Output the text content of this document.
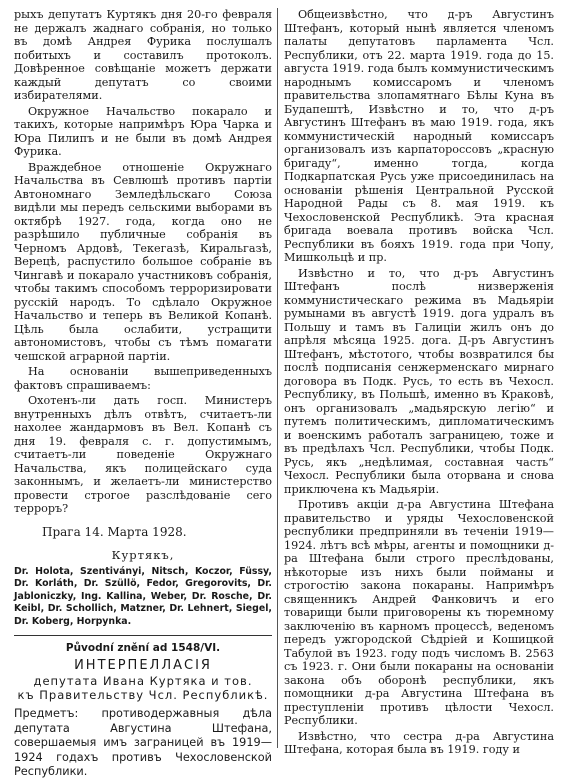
рыхъ депутатъ Куртякъ дня 20-го февраля не держалъ жаднаго собранія, но только въ домѣ Андрея Фурика послушалъ побитыхъ и составилъ протоколъ. Довѣренное совѣщаніе можетъ держати каждый депутатъ со своими избирателями.

Окружное Начальство покарало и такихъ, которые напримѣръ Юра Чарка и Юра Пилипъ и не были въ домѣ Андрея Фурика.

Враждебное отношеніе Окружнаго Начальства въ Севлюшѣ противъ партіи Автономнаго Земледѣльскаго Союза видѣли мы передъ сельскими выборами въ октябрѣ 1927. года, когда оно не разрѣшило публичные собранія въ Черномъ Ардовѣ, Текегазѣ, Киральгазѣ, Верецѣ, распустило большое собраніе въ Чингавѣ и покарало участниковъ собранія, чтобы такимъ способомъ терроризировати русскій народъ. То сдѣлало Окружное Начальство и теперь въ Великой Копанѣ. Цѣль была ослабити, устращити автономистовъ, чтобы съ тѣмъ помагати чешской аграрной партіи.

На основаніи вышеприведенныхъ фактовъ спрашиваемъ:

Охотенъ-ли дать госп. Министеръ внутренныхъ дѣлъ отвѣтъ, считаетъ-ли нахолее жандармовъ въ Вел. Копанѣ съ дня 19. февраля с. г. допустимымъ, считаетъ-ли поведеніе Окружнаго Начальства, якъ полицейскаго суда законнымъ, и желаетъ-ли министерство провести строгое разслѣдованіе сего терроръ?

Прага 14. Марта 1928.
Куртякъ,
Dr. Holota, Szentiványi, Nitsch, Koczor, Füssy, Dr. Korláth, Dr. Szüllö, Fedor, Gregorovits, Dr. Jabloniczky, Ing. Kallina, Weber, Dr. Rosche, Dr. Keibl, Dr. Schollich, Matzner, Dr. Lehnert, Siegel, Dr. Koberg, Horpynka.
Původní znění ad 1548/VI.
ИНТЕРПЕЛЛАСІЯ
депутата Ивана Куртяка и тов.
къ Правительству Чсл. Республикѣ.
Предметъ: противодержавныя дѣла депутата Августина Штефана, совершаемыя имъ заграницей въ 1919—1924 годахъ противъ Чехословенской Республики.

Общеизвѣстно, что д-ръ Августинъ Штефанъ, который нынѣ является членомъ палаты депутатовъ парламента Чсл. Республики, отъ 22. марта 1919. года до 15. августа 1919. года былъ коммунистическимъ народнымъ комиссаромъ и членомъ правительства злопамятнаго Бѣлы Куна въ Будапештѣ, Извѣстно и то, что д-ръ Августинъ Штефанъ въ маю 1919. года, якъ коммунистическій народный комиссаръ организовалъ изъ карпатороссовъ „красную бригаду“, именно тогда, когда Подкарпатская Русь уже присоединилась на основаніи рѣшенія Центральной Русской Народной Рады съ 8. мая 1919. къ Чехословенской Республикѣ. Эта красная бригада воевала противъ войска Чсл. Республики въ бояхъ 1919. года при Чопу, Мишкольцѣ и пр.

Извѣстно и то, что д-ръ Августинъ Штефанъ послѣ низверженія коммунистическаго режима въ Мадьяріи румынами въ августѣ 1919. дога удралъ въ Польшу и тамъ въ Галиціи жилъ онъ до апрѣля мѣсяца 1925. дога. Д-ръ Августинъ Штефанъ, мѣстотого, чтобы возвратился бы послѣ подписанія сенжерменскаго мирнаго договора въ Подк. Русь, то есть въ Чехосл. Республику, въ Польшѣ, именно въ Краковѣ, онъ организовалъ „мадьярскую легію“ и путемъ политическимъ, дипломатическимъ и военскимъ работалъ заграницею, тоже и въ предѣлахъ Чсл. Республики, чтобы Подк. Русь, якъ „недѣлимая, составная часть“ Чехосл. Республики была оторвана и снова приключена къ Мадьяріи.

Противъ акціи д-ра Августина Штефана правительство и уряды Чехословенской республики предприняли въ теченіи 1919—1924. лѣтъ всѣ мѣры, агенты и помощники д-ра Штефана были строго преслѣдованы, нѣкоторые изъ нихъ были пойманы и строгостію закона покараны. Напримѣръ священникъ Андрей Фанковичъ и его товарищи были приговорены къ тюремному заключенію въ карномъ процессѣ, веденомъ передъ ужгородской Сѣдрiей и Кошицкой Табулой въ 1923. году подъ числомъ В. 2563 съ 1923. г. Они были покараны на основаніи закона объ оборонѣ республики, якъ помощники д-ра Августина Штефана въ преступленіи противъ цѣлости Чехосл. Республики.

Извѣстно, что сестра д-ра Августина Штефана, которая была въ 1919. году и
